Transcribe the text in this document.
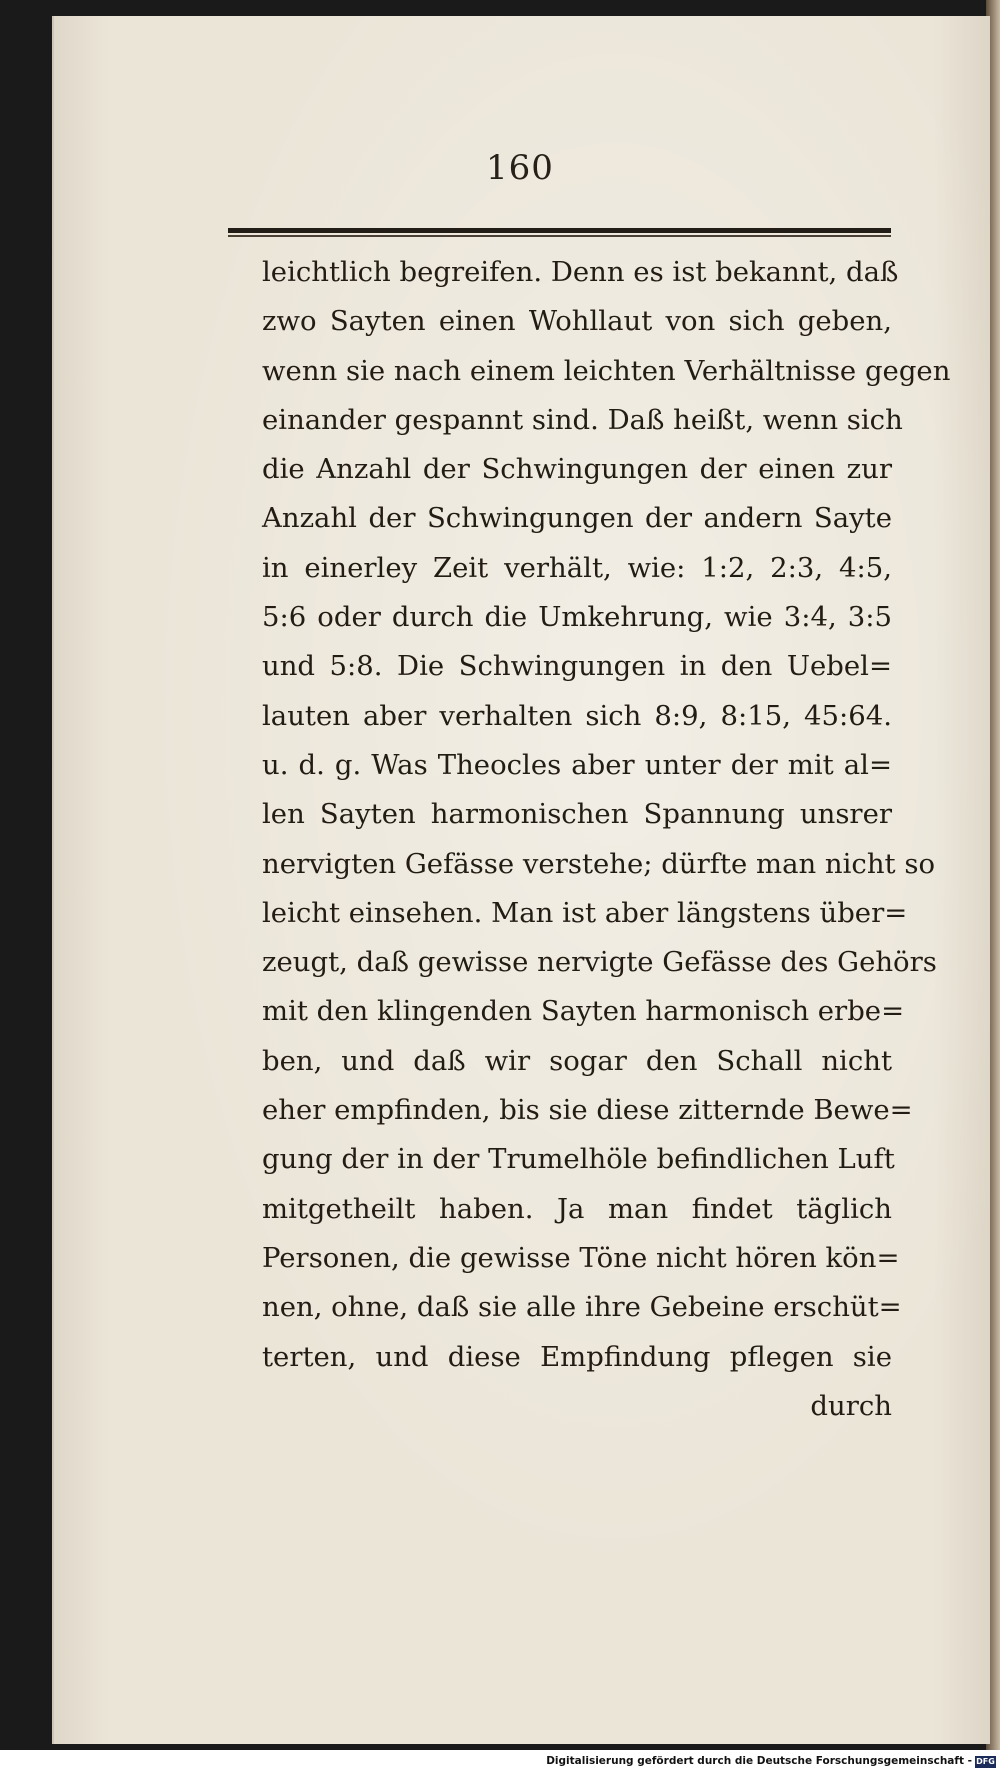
160
leichtlich begreifen. Denn es ist bekannt, daß
zwo Sayten einen Wohllaut von sich geben,
wenn sie nach einem leichten Verhältnisse gegen
einander gespannt sind. Daß heißt, wenn sich
die Anzahl der Schwingungen der einen zur
Anzahl der Schwingungen der andern Sayte
in einerley Zeit verhält, wie: 1:2, 2:3, 4:5,
5:6 oder durch die Umkehrung, wie 3:4, 3:5
und 5:8. Die Schwingungen in den Uebel=
lauten aber verhalten sich 8:9, 8:15, 45:64.
u. d. g. Was Theocles aber unter der mit al=
len Sayten harmonischen Spannung unsrer
nervigten Gefässe verstehe; dürfte man nicht so
leicht einsehen. Man ist aber längstens über=
zeugt, daß gewisse nervigte Gefässe des Gehörs
mit den klingenden Sayten harmonisch erbe=
ben, und daß wir sogar den Schall nicht
eher empfinden, bis sie diese zitternde Bewe=
gung der in der Trumelhöle befindlichen Luft
mitgetheilt haben. Ja man findet täglich
Personen, die gewisse Töne nicht hören kön=
nen, ohne, daß sie alle ihre Gebeine erschüt=
terten, und diese Empfindung pflegen sie
durch
Digitalisierung gefördert durch die Deutsche Forschungsgemeinschaft - DFG
